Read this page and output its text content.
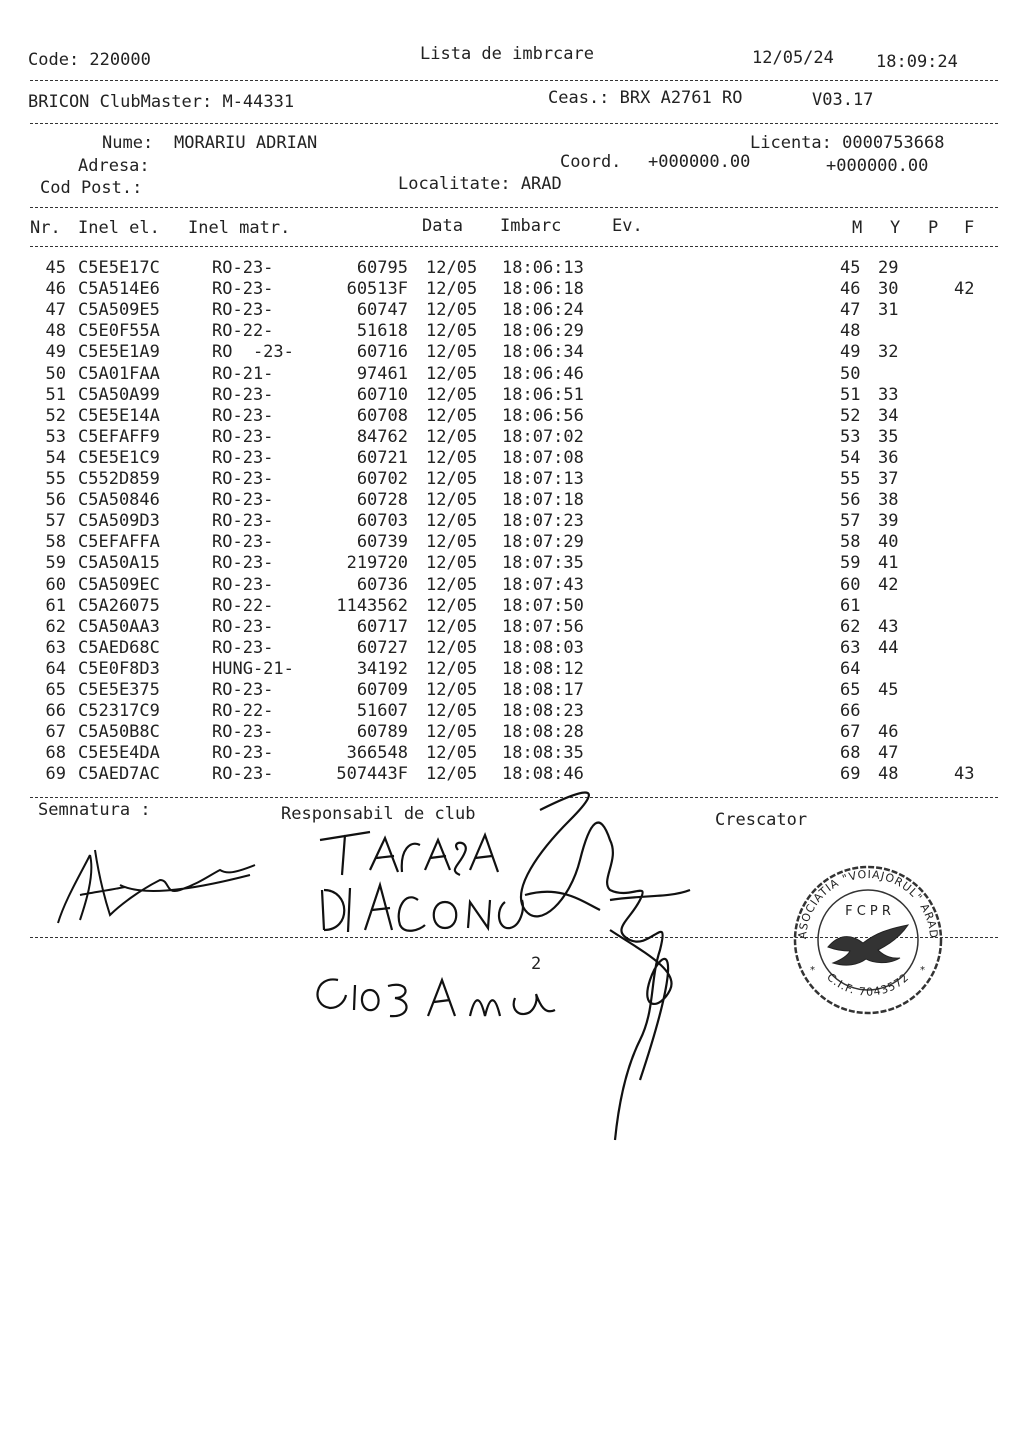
Code: 220000	Lista de imbrcare	12/05/24 18:09:24
BRICON ClubMaster: M-44331	Ceas.: BRX A2761 RO	V03.17
Nume: MORARIU ADRIAN	Licenta: 0000753668
Adresa:	Coord. +000000.00	+000000.00
Cod Post.:	Localitate: ARAD
Nr. Inel el. Inel matr.	Data Imbarc	Ev.	M Y P F
45 C5E5E17C	RO-23-	60795 12/05 18:06:13	45 29
46 C5A514E6	RO-23-	60513F 12/05 18:06:18	46 30	42
47 C5A509E5	RO-23-	60747 12/05 18:06:24	47 31
48 C5E0F55A	RO-22-	51618 12/05 18:06:29	48
49 C5E5E1A9	RO  -23-	60716 12/05 18:06:34	49 32
50 C5A01FAA	RO-21-	97461 12/05 18:06:46	50
51 C5A50A99	RO-23-	60710 12/05 18:06:51	51 33
52 C5E5E14A	RO-23-	60708 12/05 18:06:56	52 34
53 C5EFAFF9	RO-23-	84762 12/05 18:07:02	53 35
54 C5E5E1C9	RO-23-	60721 12/05 18:07:08	54 36
55 C552D859	RO-23-	60702 12/05 18:07:13	55 37
56 C5A50846	RO-23-	60728 12/05 18:07:18	56 38
57 C5A509D3	RO-23-	60703 12/05 18:07:23	57 39
58 C5EFAFFA	RO-23-	60739 12/05 18:07:29	58 40
59 C5A50A15	RO-23-	219720 12/05 18:07:35	59 41
60 C5A509EC	RO-23-	60736 12/05 18:07:43	60 42
61 C5A26075	RO-22-	1143562 12/05 18:07:50	61
62 C5A50AA3	RO-23-	60717 12/05 18:07:56	62 43
63 C5AED68C	RO-23-	60727 12/05 18:08:03	63 44
64 C5E0F8D3	HUNG-21-	34192 12/05 18:08:12	64
65 C5E5E375	RO-23-	60709 12/05 18:08:17	65 45
66 C52317C9	RO-22-	51607 12/05 18:08:23	66
67 C5A50B8C	RO-23-	60789 12/05 18:08:28	67 46
68 C5E5E4DA	RO-23-	366548 12/05 18:08:35	68 47
69 C5AED7AC	RO-23-	507443F 12/05 18:08:46	69 48	43
Semnatura :	Responsabil de club	Crescator
2
ASOCIATIA "VOIAJORUL" ARAD
C.I.F. 7043572
F C P R
*	*
